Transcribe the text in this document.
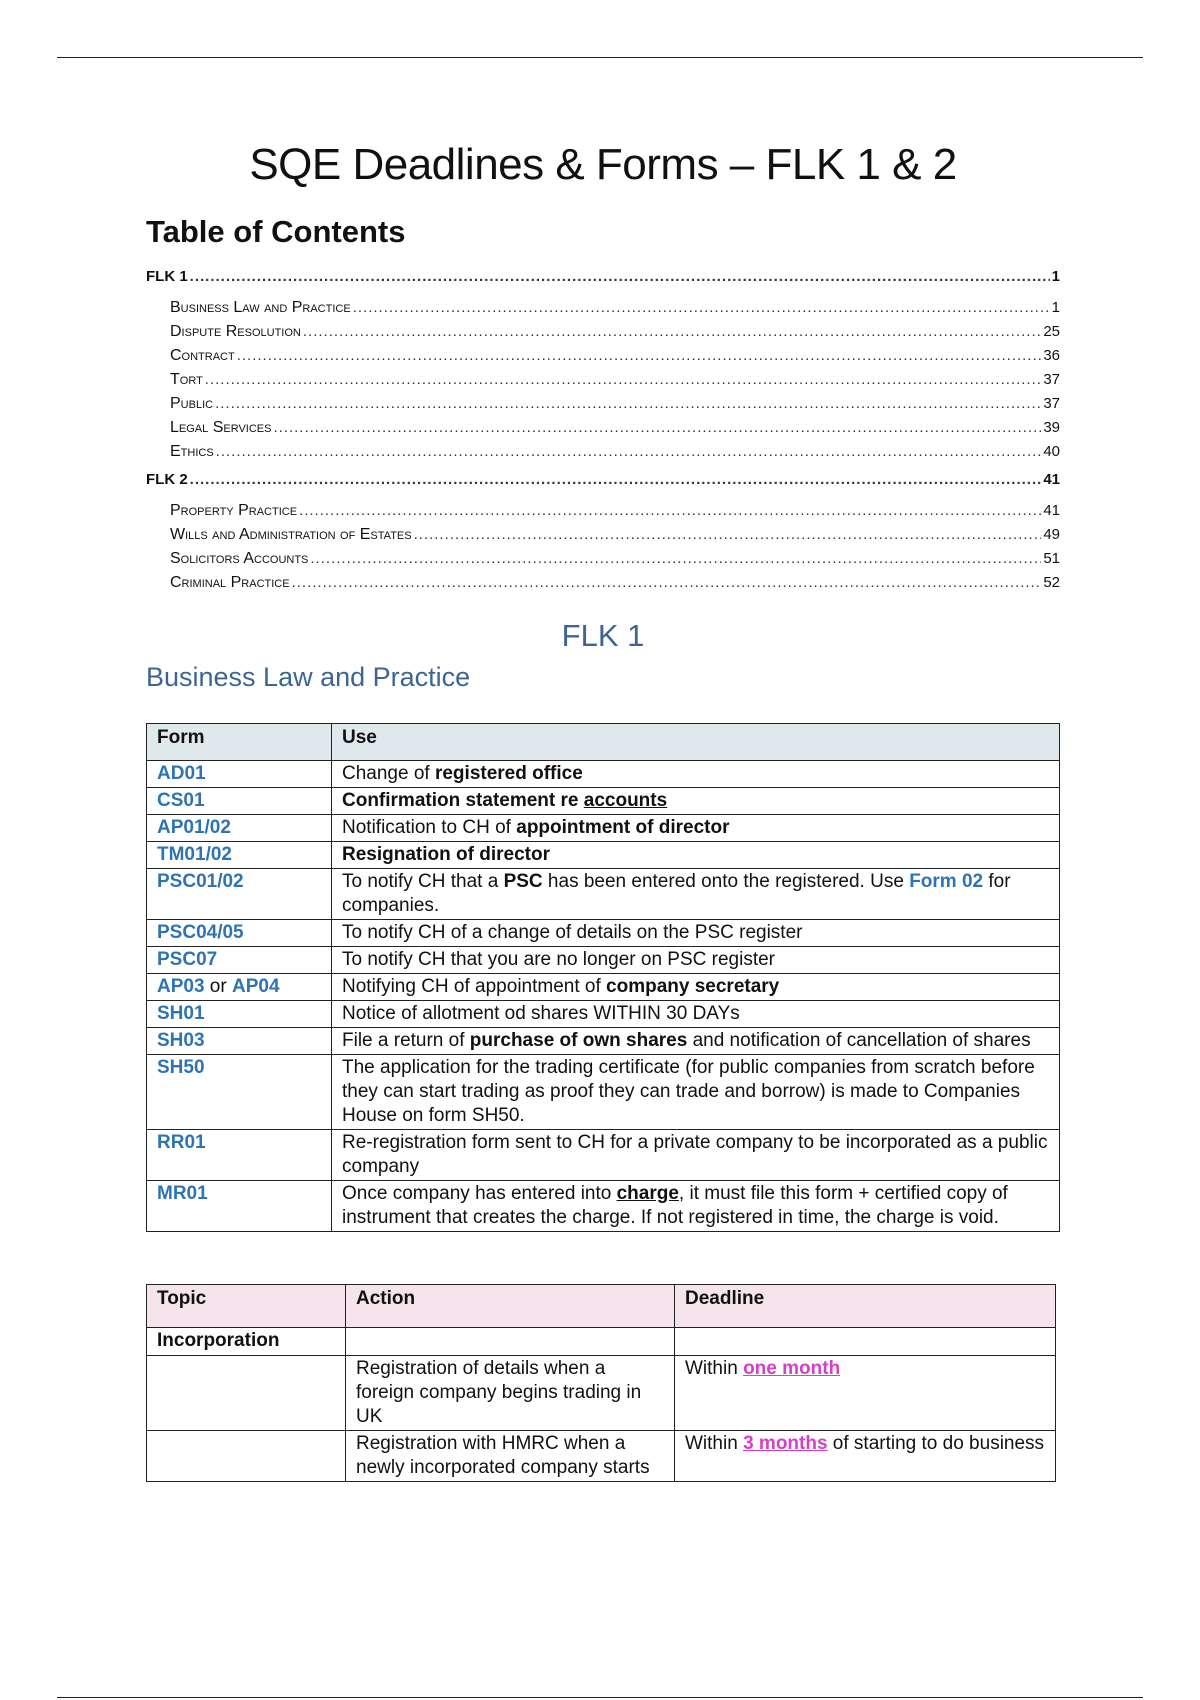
SQE Deadlines & Forms – FLK 1 & 2
Table of Contents
FLK 1 .....	1
Business Law and Practice .....	1
Dispute Resolution .....	25
Contract .....	36
Tort .....	37
Public .....	37
Legal Services .....	39
Ethics .....	40
FLK 2 .....	41
Property Practice .....	41
Wills and Administration of Estates .....	49
Solicitors Accounts .....	51
Criminal Practice .....	52
FLK 1
Business Law and Practice
Form	Use
AD01	Change of registered office
CS01	Confirmation statement re accounts
AP01/02	Notification to CH of appointment of director
TM01/02	Resignation of director
PSC01/02	To notify CH that a PSC has been entered onto the registered. Use Form 02 for companies.
PSC04/05	To notify CH of a change of details on the PSC register
PSC07	To notify CH that you are no longer on PSC register
AP03 or AP04	Notifying CH of appointment of company secretary
SH01	Notice of allotment od shares WITHIN 30 DAYs
SH03	File a return of purchase of own shares and notification of cancellation of shares
SH50	The application for the trading certificate (for public companies from scratch before they can start trading as proof they can trade and borrow) is made to Companies House on form SH50.
RR01	Re-registration form sent to CH for a private company to be incorporated as a public company
MR01	Once company has entered into charge, it must file this form + certified copy of instrument that creates the charge. If not registered in time, the charge is void.
Topic	Action	Deadline
Incorporation		
	Registration of details when a foreign company begins trading in UK	Within one month
	Registration with HMRC when a newly incorporated company starts	Within 3 months of starting to do business
